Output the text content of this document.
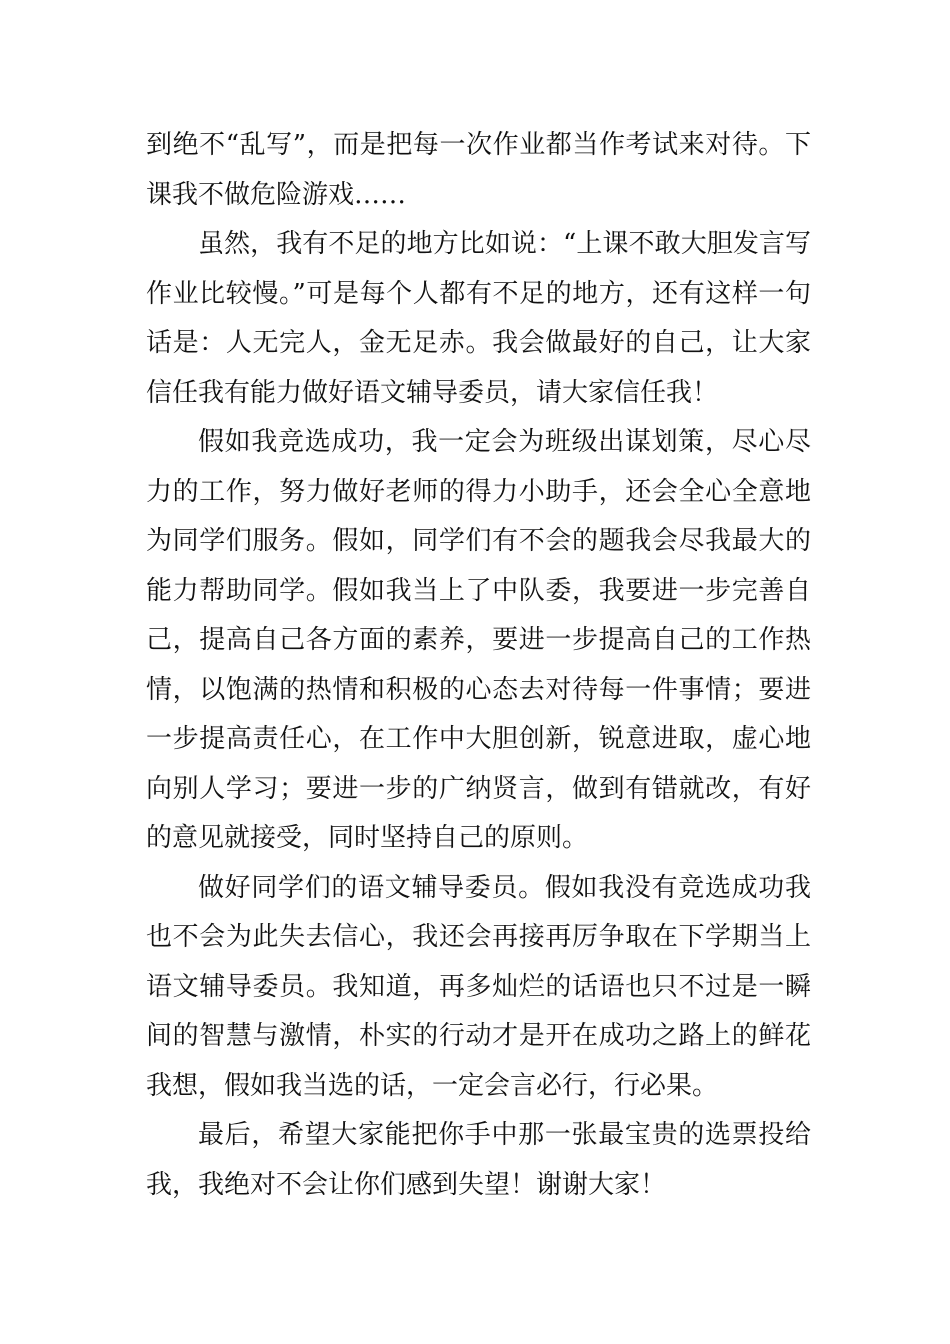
到绝不“乱写”，而是把每一次作业都当作考试来对待。下课我不做危险游戏……

虽然，我有不足的地方比如说：“上课不敢大胆发言写作业比较慢。”可是每个人都有不足的地方，还有这样一句话是：人无完人，金无足赤。我会做最好的自己，让大家信任我有能力做好语文辅导委员，请大家信任我！

假如我竞选成功，我一定会为班级出谋划策，尽心尽力的工作，努力做好老师的得力小助手，还会全心全意地为同学们服务。假如，同学们有不会的题我会尽我最大的能力帮助同学。假如我当上了中队委，我要进一步完善自己，提高自己各方面的素养，要进一步提高自己的工作热情，以饱满的热情和积极的心态去对待每一件事情；要进一步提高责任心，在工作中大胆创新，锐意进取，虚心地向别人学习；要进一步的广纳贤言，做到有错就改，有好的意见就接受，同时坚持自己的原则。

做好同学们的语文辅导委员。假如我没有竞选成功我也不会为此失去信心，我还会再接再厉争取在下学期当上语文辅导委员。我知道，再多灿烂的话语也只不过是一瞬间的智慧与激情，朴实的行动才是开在成功之路上的鲜花我想，假如我当选的话，一定会言必行，行必果。

最后，希望大家能把你手中那一张最宝贵的选票投给我，我绝对不会让你们感到失望！谢谢大家！
